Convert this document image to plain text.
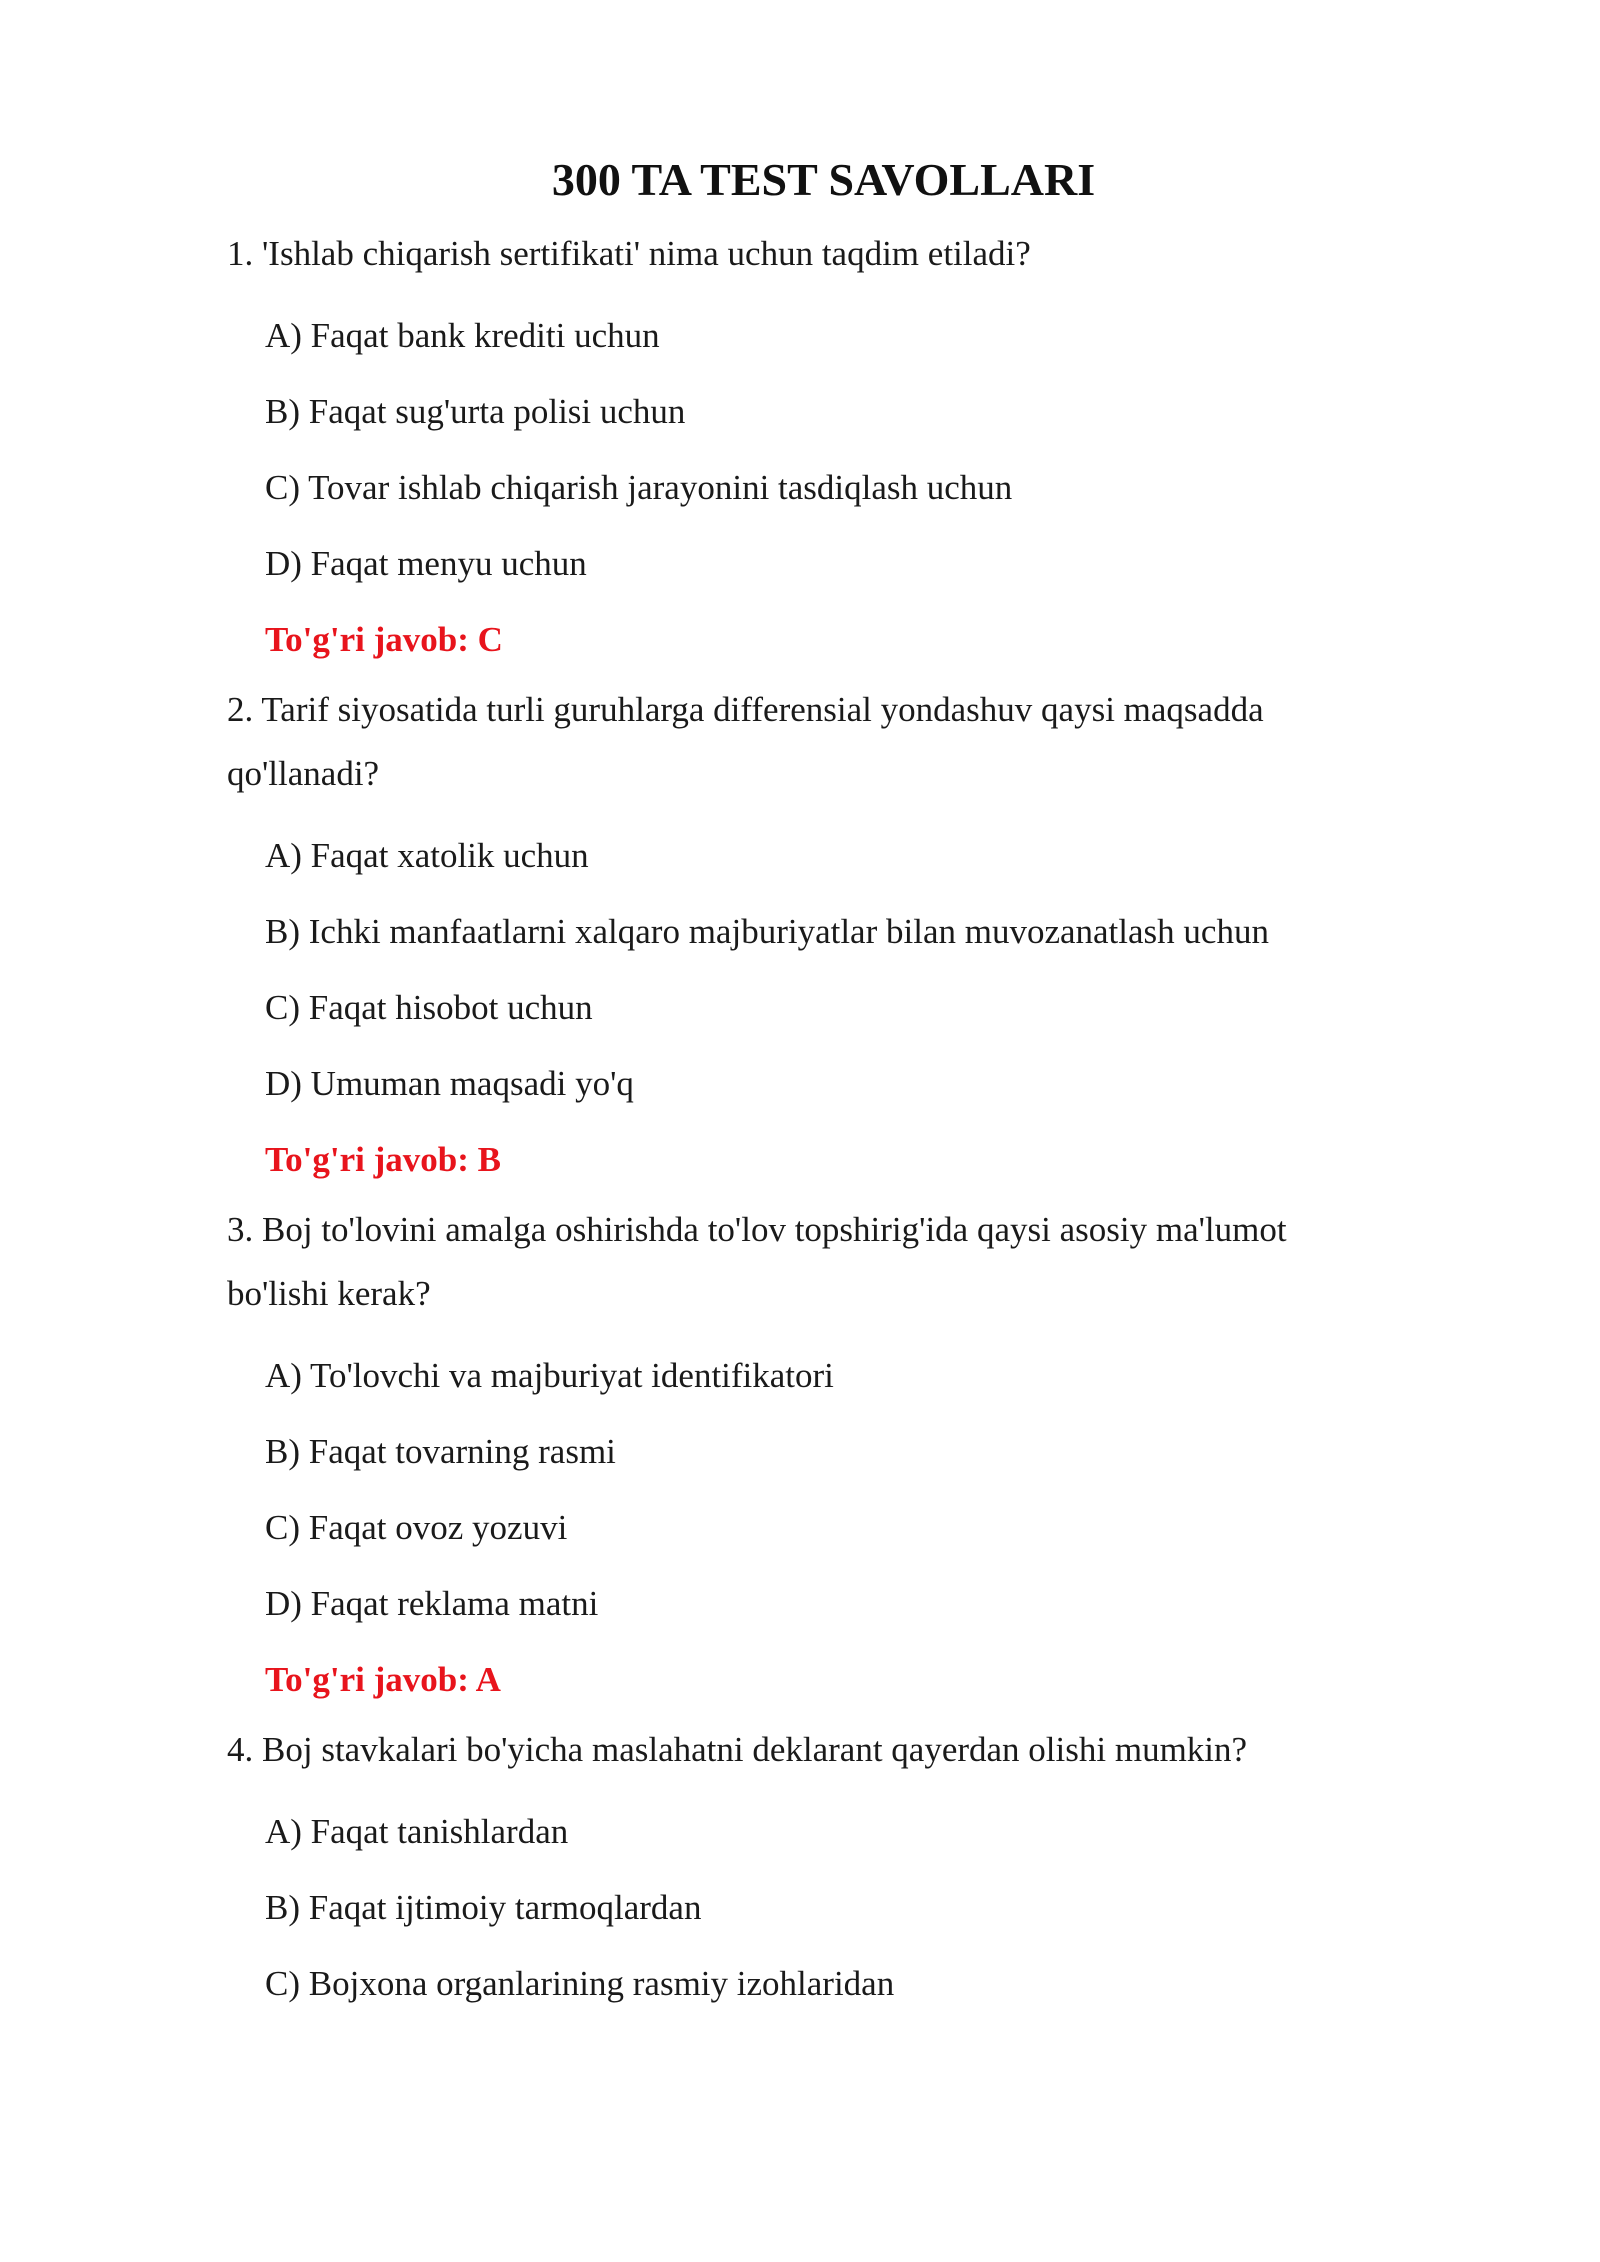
300 TA TEST SAVOLLARI

1. 'Ishlab chiqarish sertifikati' nima uchun taqdim etiladi?

A) Faqat bank krediti uchun
B) Faqat sug'urta polisi uchun
C) Tovar ishlab chiqarish jarayonini tasdiqlash uchun
D) Faqat menyu uchun

To'g'ri javob: C

2. Tarif siyosatida turli guruhlarga differensial yondashuv qaysi maqsadda qo'llanadi?

A) Faqat xatolik uchun
B) Ichki manfaatlarni xalqaro majburiyatlar bilan muvozanatlash uchun
C) Faqat hisobot uchun
D) Umuman maqsadi yo'q

To'g'ri javob: B

3. Boj to'lovini amalga oshirishda to'lov topshirig'ida qaysi asosiy ma'lumot bo'lishi kerak?

A) To'lovchi va majburiyat identifikatori
B) Faqat tovarning rasmi
C) Faqat ovoz yozuvi
D) Faqat reklama matni

To'g'ri javob: A

4. Boj stavkalari bo'yicha maslahatni deklarant qayerdan olishi mumkin?

A) Faqat tanishlardan
B) Faqat ijtimoiy tarmoqlardan
C) Bojxona organlarining rasmiy izohlaridan
